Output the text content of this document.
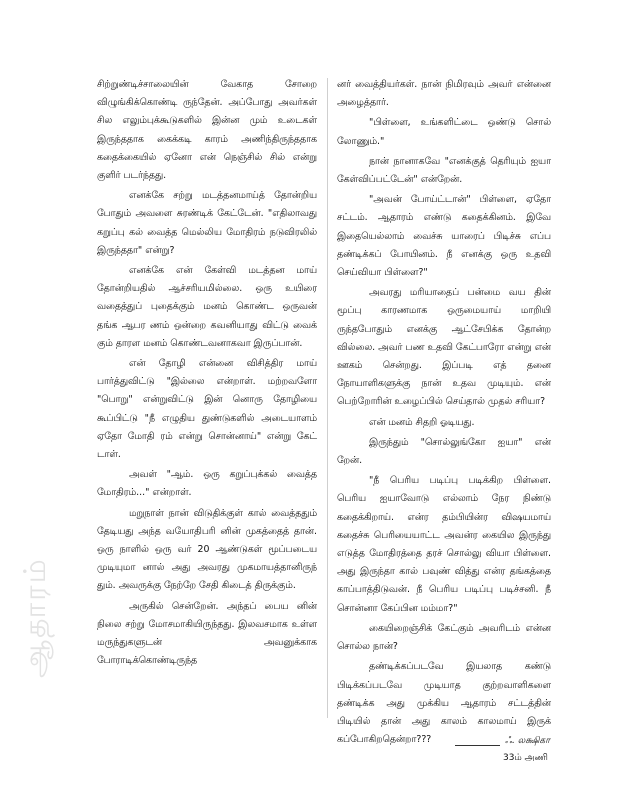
ஆதாரம்

சிற்றுண்டிச்சாலையின் வேகாத சோறை விழுங்கிக்கொண்டி ருந்தேன். அப்போது அவர்கள் சில எலும்புக்கூடுகளில் இன்ன மும் உடைகள் இருந்ததாக கைக்கடி காரம் அணிந்திருந்ததாக கதைக்கையில் ஏனோ என் நெஞ்சில் சில் என்று குளிர் படர்ந்தது.

எனக்கே சற்று மடத்தனமாய்த் தோன்றிய போதும் அவளை சுரண்டிக் கேட்டேன். "எதிலாவது கறுப்பு கல் வைத்த மெல்லிய மோதிரம் நடுவிரலில் இருந்ததா" என்று?

எனக்கே என் கேள்வி மடத்தன மாய் தோன்றியதில் ஆச்சரியமில்லை. ஒரு உயிரை வதைத்துப் புதைக்கும் மனம் கொண்ட ஒருவன் தங்க ஆபர ணம் ஒன்றை கவனியாது விட்டு வைக் கும் தாரள மனம் கொண்டவனாகவா இருப்பான்.

என் தோழி என்னை விசித்திர மாய் பார்த்துவிட்டு "இல்லை என்றாள். மற்றவளோ "பொறு" என்றுவிட்டு இன் னொரு தோழியை கூப்பிட்டு "நீ எழுதிய துண்டுகளில் அடையாளம் ஏதோ மோதி ரம் என்று சொன்னாய்" என்று கேட் டாள்.

அவள் "ஆம். ஒரு கறுப்புக்கல் வைத்த மோதிரம்..." என்றாள்.

மறுநாள் நான் விடுதிக்குள் கால் வைத்ததும் தேடியது அந்த வயோதிபரி னின் முகத்தைத் தான். ஒரு நாளில் ஒரு வர் 20 ஆண்டுகள் மூப்படைய முடியுமா னால் அது அவரது முகமாயத்தானிருந் தும். அவருக்கு நேற்றே சேதி கிடைத் திருக்கும்.

அருகில் சென்றேன். அந்தப் பைய னின் நிலை சற்று மோசமாகியிருந்தது. இலவசமாக உள்ள மருந்துகளுடன் அவனுக்காக போராடிக்கொண்டிருந்த

னர் வைத்தியர்கள். நான் நிமிரவும் அவர் என்னை அழைத்தார்.

"பிள்ளை, உங்களிட்டை ஒண்டு சொல் லோணும்."

நான் நானாகவே "எனக்குத் தெரியும் ஐயா கேள்விப்பட்டேன்" என்றேன்.

"அவன் போய்ட்டான்" பிள்ளை, ஏதோ சட்டம். ஆதாரம் எண்டு கதைக்கினம். இவே இதையெல்லாம் வைச்சு யாரைப் பிடிச்சு எப்ப தண்டிக்கப் போயினம். நீ எனக்கு ஒரு உதவி செய்வியா பிள்ளை?"

அவரது மரியாதைப் பன்மை வய தின் மூப்பு காரணமாக ஒருமையாய் மாறியி ருந்தபோதும் எனக்கு ஆட்சேபிக்க தோன்ற வில்லை. அவர் பண உதவி கேட்பாரோ என்று என் ஊகம் சென்றது. இப்படி எத் தனை நோயாளிகளுக்கு நான் உதவ முடியும். என் பெற்றோரின் உழைப்பில் செய்தால் முதல் சரியா?

என் மனம் சிதறி ஓடியது.

இருந்தும் "சொல்லுங்கோ ஐயா" என் றேன்.

"நீ பெரிய படிப்பு படிக்கிற பிள்ளை. பெரிய ஐயாவோடு எல்லாம் நேர நிண்டு கதைக்கிறாய். என்ர தம்பியின்ர விஷயமாய் கதைச்சு பெரியையாட்ட அவன்ர கையில இருந்து எடுத்த மோதிரத்தை தரச் சொல்லு வியா பிள்ளை. அது இருந்தா கால் பவுண் வித்து என்ர தங்கத்தை காப்பாத்திடுவன். நீ பெரிய படிப்பு படிச்சனி. நீ சொன்னா கேப்பின மம்மா?"

கையிறைஞ்சிக் கேட்கும் அவரிடம் என்ன சொல்ல நான்?

தண்டிக்கப்படவே இயலாத கண்டு பிடிக்கப்படவே முடியாத குற்றவாளிகளை தண்டிக்க அது முக்கிய ஆதாரம் சட்டத்தின் பிடியில் தான் அது காலம் காலமாய் இருக் கப்போகிறதென்றா???	ஃ. லக்ஷிகா
33ம் அணி
